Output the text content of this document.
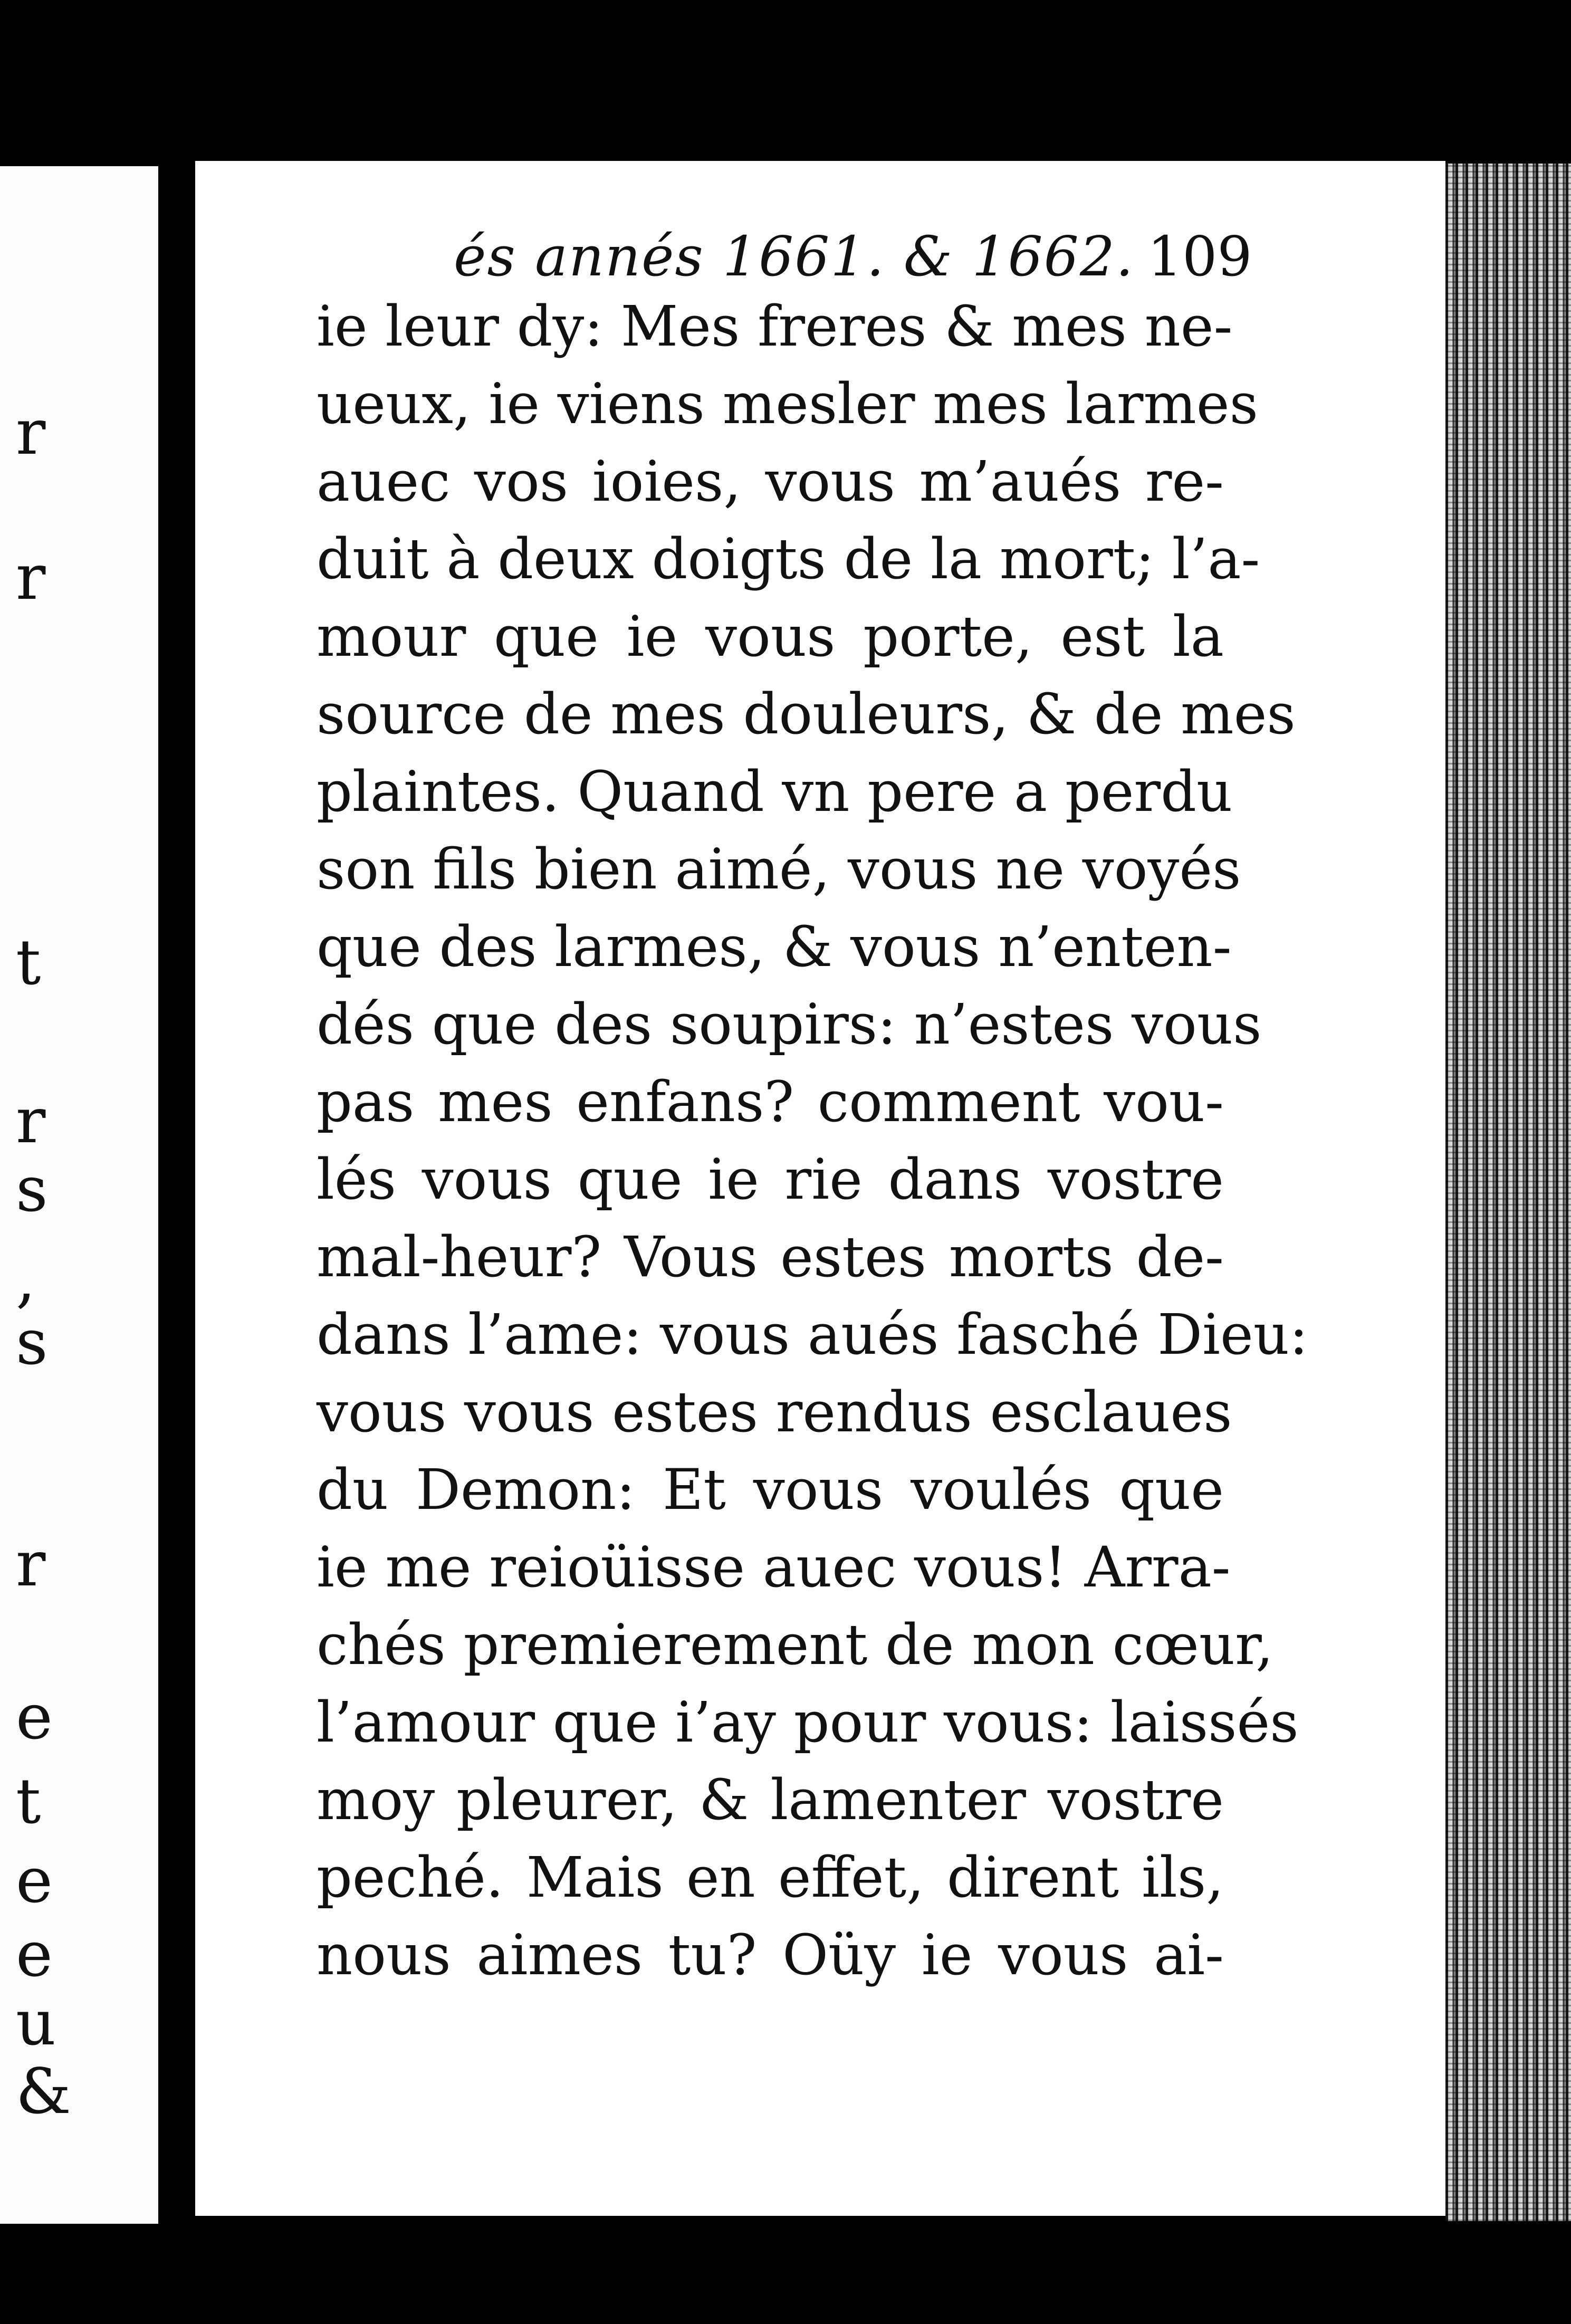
r
r
t
r
s
,
s
r
e
t
e
e
u
&
és annés 1661. & 1662. 109
ie leur dy: Mes freres & mes ne-
ueux, ie viens mesler mes larmes
auec vos ioies, vous m’aués re-
duit à deux doigts de la mort; l’a-
mour que ie vous porte, est la
source de mes douleurs, & de mes
plaintes. Quand vn pere a perdu
son fils bien aimé, vous ne voyés
que des larmes, & vous n’enten-
dés que des soupirs: n’estes vous
pas mes enfans? comment vou-
lés vous que ie rie dans vostre
mal-heur? Vous estes morts de-
dans l’ame: vous aués fasché Dieu:
vous vous estes rendus esclaues
du Demon: Et vous voulés que
ie me reioüisse auec vous! Arra-
chés premierement de mon cœur,
l’amour que i’ay pour vous: laissés
moy pleurer, & lamenter vostre
peché. Mais en effet, dirent ils,
nous aimes tu? Oüy ie vous ai-
